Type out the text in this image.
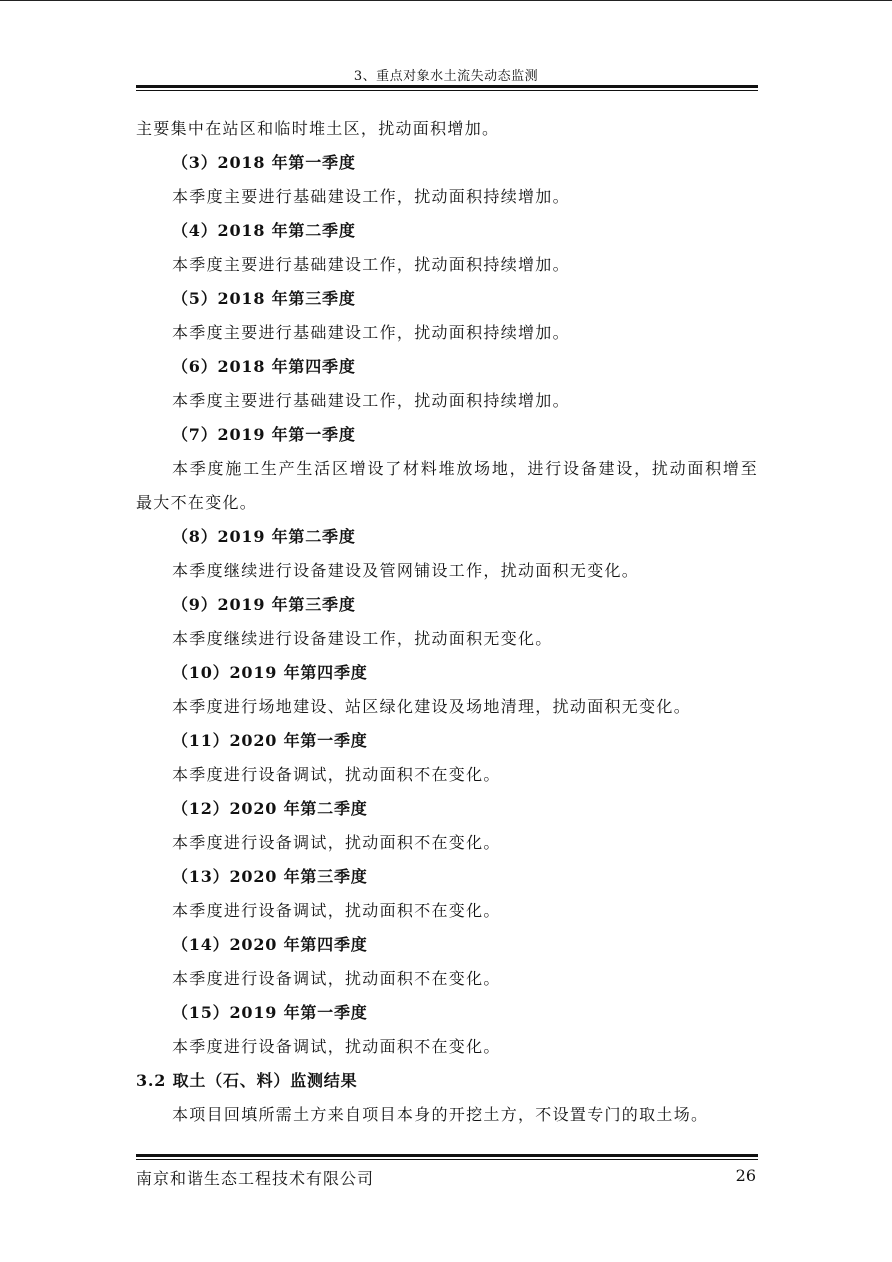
3、重点对象水土流失动态监测
主要集中在站区和临时堆土区，扰动面积增加。
（3）2018 年第一季度
本季度主要进行基础建设工作，扰动面积持续增加。
（4）2018 年第二季度
本季度主要进行基础建设工作，扰动面积持续增加。
（5）2018 年第三季度
本季度主要进行基础建设工作，扰动面积持续增加。
（6）2018 年第四季度
本季度主要进行基础建设工作，扰动面积持续增加。
（7）2019 年第一季度
本季度施工生产生活区增设了材料堆放场地，进行设备建设，扰动面积增至最大不在变化。
（8）2019 年第二季度
本季度继续进行设备建设及管网铺设工作，扰动面积无变化。
（9）2019 年第三季度
本季度继续进行设备建设工作，扰动面积无变化。
（10）2019 年第四季度
本季度进行场地建设、站区绿化建设及场地清理，扰动面积无变化。
（11）2020 年第一季度
本季度进行设备调试，扰动面积不在变化。
（12）2020 年第二季度
本季度进行设备调试，扰动面积不在变化。
（13）2020 年第三季度
本季度进行设备调试，扰动面积不在变化。
（14）2020 年第四季度
本季度进行设备调试，扰动面积不在变化。
（15）2019 年第一季度
本季度进行设备调试，扰动面积不在变化。
3.2 取土（石、料）监测结果
本项目回填所需土方来自项目本身的开挖土方，不设置专门的取土场。
南京和谐生态工程技术有限公司	26
